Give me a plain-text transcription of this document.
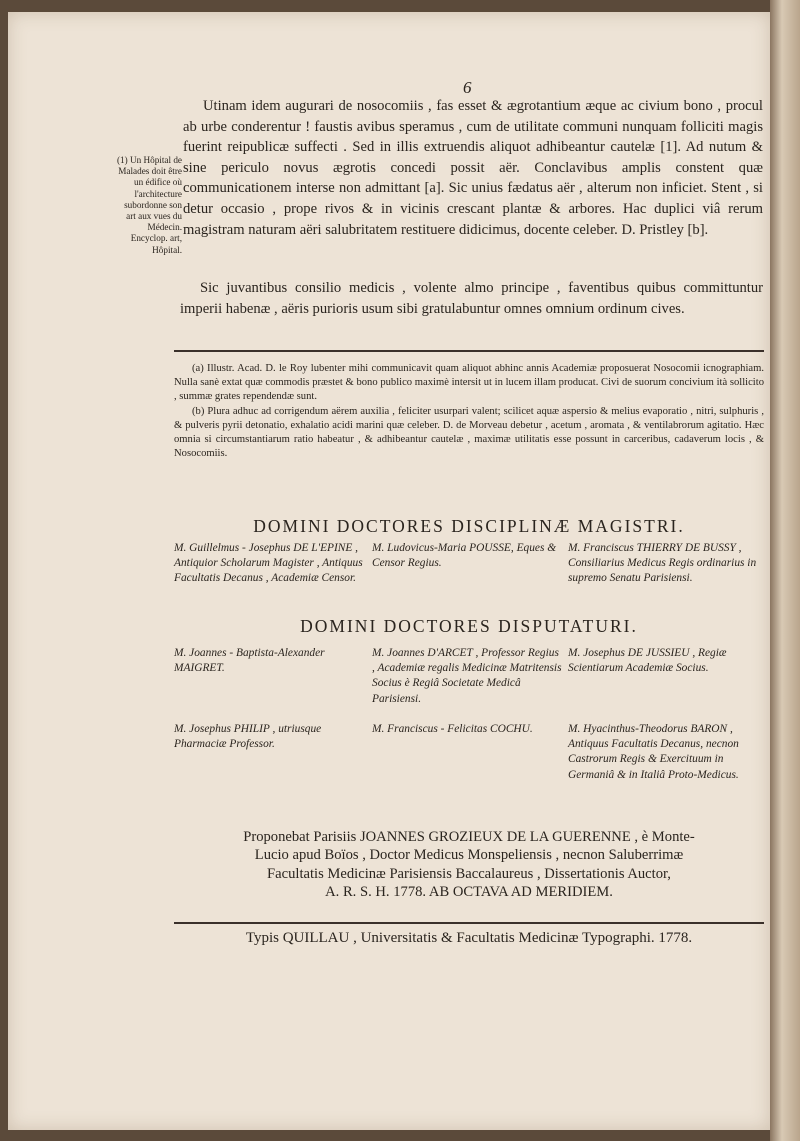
6
Utinam idem augurari de nosocomiis , fas esset & ægrotantium æque ac civium bono , procul ab urbe conderentur ! faustis avibus speramus , cum de utilitate communi nunquam folliciti magis fuerint reipublicæ suffecti . Sed in illis extruendis aliquot adhibeantur cautelæ [1]. Ad nutum & sine periculo novus ægrotis concedi possit aër. Conclavibus amplis constent quæ communicationem interse non admittant [a]. Sic unius fædatus aër , alterum non inficiet. Stent , si detur occasio , prope rivos & in vicinis crescant plantæ & arbores. Hac duplici viâ rerum magistram naturam aëri salubritatem restituere didicimus, docente celeber. D. Pristley [b].
(1) Un Hôpital de Malades doit être un édifice où l'architecture subordonne son art aux vues du Médecin. Encyclop. art, Hôpital.
Sic juvantibus consilio medicis , volente almo principe , faventibus quibus committuntur imperii habenæ , aëris purioris usum sibi gratulabuntur omnes omnium ordinum cives.

(a) Illustr. Acad. D. le Roy lubenter mihi communicavit quam aliquot abhinc annis Academiæ proposuerat Nosocomii icnographiam. Nulla sanè extat quæ commodis præstet & bono publico maximè intersit ut in lucem illam producat. Civi de suorum concivium ità sollicito , summæ grates rependendæ sunt.

(b) Plura adhuc ad corrigendum aërem auxilia , feliciter usurpari valent; scilicet aquæ aspersio & melius evaporatio , nitri, sulphuris , & pulveris pyrii detonatio, exhalatio acidi marini quæ celeber. D. de Morveau debetur , acetum , aromata , & ventilabrorum agitatio. Hæc omnia si circumstantiarum ratio habeatur , & adhibeantur cautelæ , maximæ utilitatis esse possunt in carceribus, cadaverum locis , & Nosocomiis.

DOMINI DOCTORES DISCIPLINÆ MAGISTRI.
M. Guillelmus - Josephus DE L'EPINE , Antiquior Scholarum Magister , Antiquus Facultatis Decanus , Academiæ Censor.
M. Ludovicus-Maria POUSSE, Eques & Censor Regius.
M. Franciscus THIERRY DE BUSSY , Consiliarius Medicus Regis ordinarius in supremo Senatu Parisiensi.
DOMINI DOCTORES DISPUTATURI.
M. Joannes - Baptista-Alexander MAIGRET.
M. Joannes D'ARCET , Professor Regius , Academiæ regalis Medicinæ Matritensis Socius è Regiâ Societate Medicâ Parisiensi.
M. Josephus DE JUSSIEU , Regiæ Scientiarum Academiæ Socius.
M. Josephus PHILIP , utriusque Pharmaciæ Professor.
M. Franciscus - Felicitas COCHU.	M. Hyacinthus-Theodorus BARON , Antiquus Facultatis Decanus, necnon Castrorum Regis & Exercituum in Germaniâ & in Italiâ Proto-Medicus.
Proponebat Parisiis JOANNES GROZIEUX DE LA GUERENNE , è Monte-
Lucio apud Boïos , Doctor Medicus Monspeliensis , necnon Saluberrimæ
Facultatis Medicinæ Parisiensis Baccalaureus , Dissertationis Auctor,
A. R. S. H. 1778. AB OCTAVA AD MERIDIEM.
Typis QUILLAU , Universitatis & Facultatis Medicinæ Typographi. 1778.
